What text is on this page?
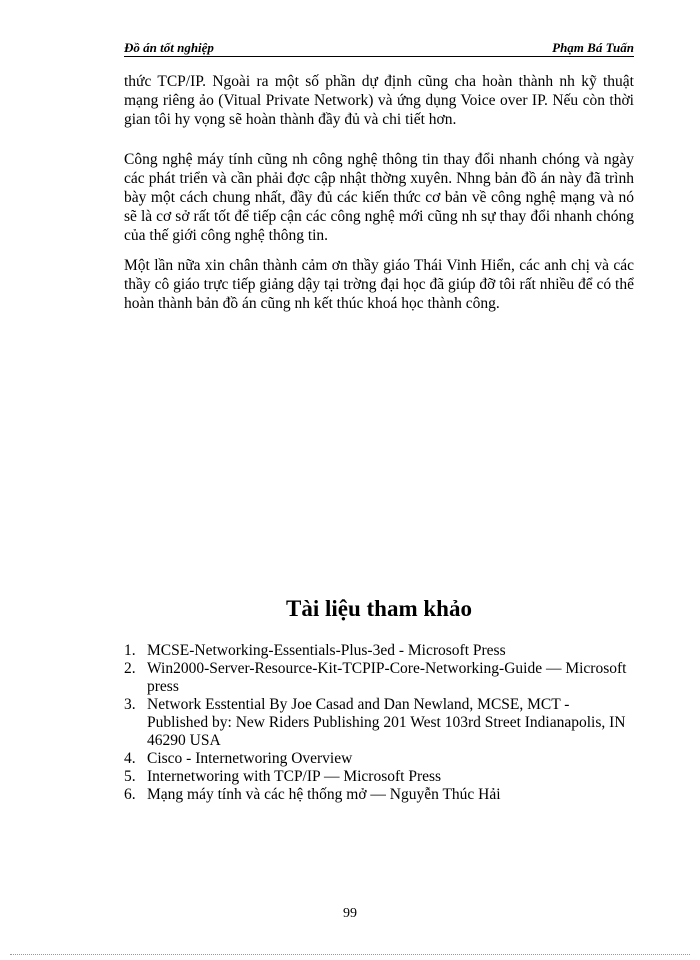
Đồ án tốt nghiệp	Phạm Bá Tuấn

thức TCP/IP. Ngoài ra một số phần dự định cũng cha hoàn thành nh kỹ thuật mạng riêng ảo (Vitual Private Network) và ứng dụng Voice over IP. Nếu còn thời gian tôi hy vọng sẽ hoàn thành đầy đủ và chi tiết hơn.

Công nghệ máy tính cũng nh công nghệ thông tin thay đổi nhanh chóng và ngày các phát triển và cần phải đợc cập nhật thờng xuyên. Nhng bản đồ án này đã trình bày một cách chung nhất, đầy đủ các kiến thức cơ bản về công nghệ mạng và nó sẽ là cơ sở rất tốt để tiếp cận các công nghệ mới cũng nh sự thay đổi nhanh chóng của thế giới công nghệ thông tin.

Một lần nữa xin chân thành cảm ơn thầy giáo Thái Vinh Hiển, các anh chị và các thầy cô giáo trực tiếp giảng dậy tại trờng đại học đã giúp đỡ tôi rất nhiều để có thể hoàn thành bản đồ án cũng nh kết thúc khoá học thành công.

Tài liệu tham khảo
1. MCSE-Networking-Essentials-Plus-3ed - Microsoft Press
2. Win2000-Server-Resource-Kit-TCPIP-Core-Networking-Guide — Microsoft press
3. Network Esstential By Joe Casad and Dan Newland, MCSE, MCT - Published by: New Riders Publishing 201 West 103rd Street Indianapolis, IN 46290 USA
4. Cisco - Internetworing Overview
5. Internetworing with TCP/IP — Microsoft Press
6. Mạng máy tính và các hệ thống mở — Nguyễn Thúc Hải

99
